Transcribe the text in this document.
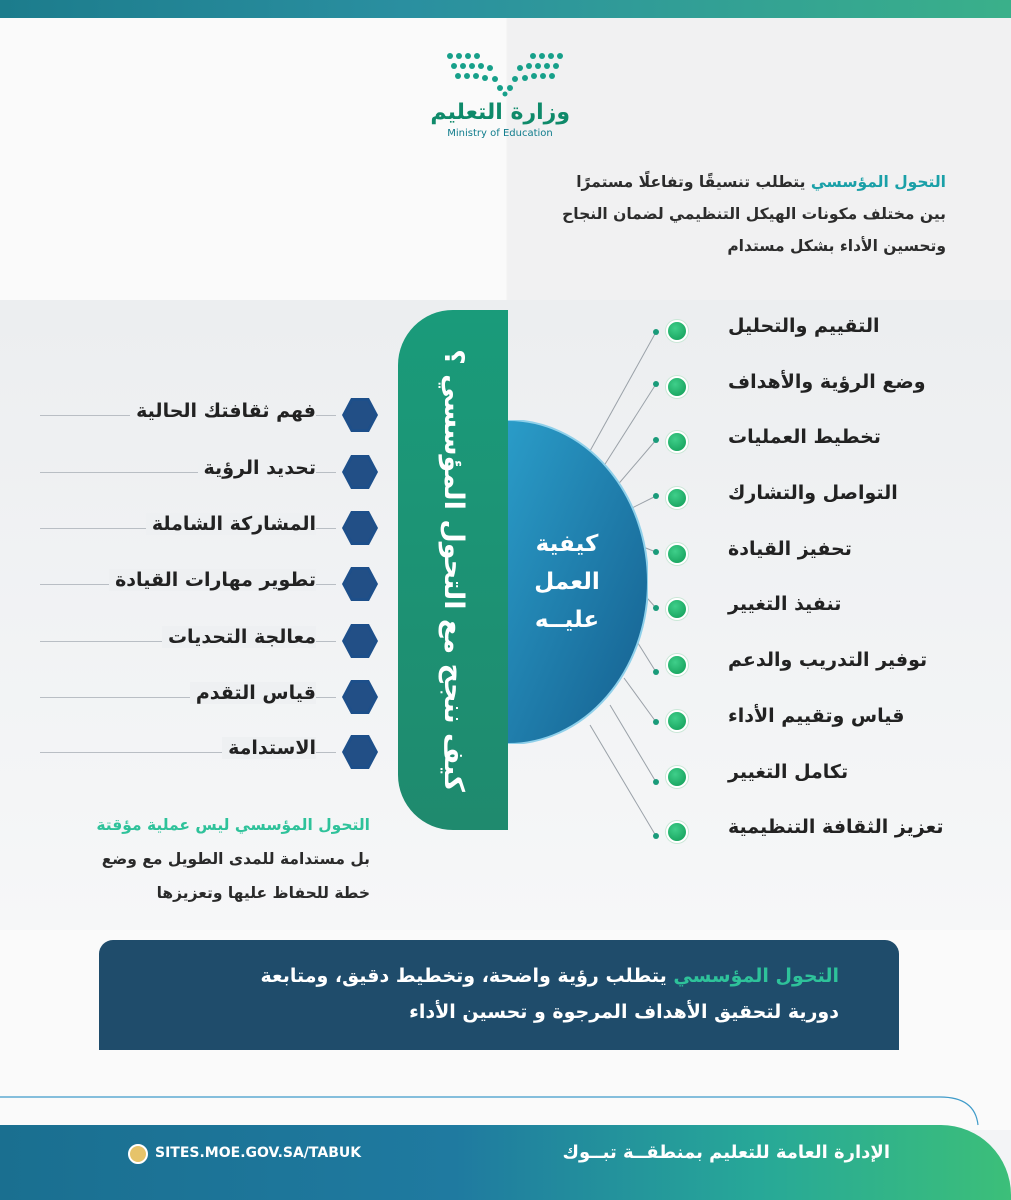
وزارة التعليم
Ministry of Education
التحول المؤسسي يتطلب تنسيقًا وتفاعلًا مستمرًا
بين مختلف مكونات الهيكل التنظيمي لضمان النجاح
وتحسين الأداء بشكل مستدام
كيف ننجح مع التحول المؤسسي ؟	كيفية
العمل
عليــه
التقييم والتحليل
وضع الرؤية والأهداف
تخطيط العمليات
التواصل والتشارك
تحفيز القيادة
تنفيذ التغيير
توفير التدريب والدعم
قياس وتقييم الأداء
تكامل التغيير
تعزيز الثقافة التنظيمية
فهم ثقافتك الحالية
تحديد الرؤية
المشاركة الشاملة
تطوير مهارات القيادة
معالجة التحديات
قياس التقدم
الاستدامة
التحول المؤسسي ليس عملية مؤقتة
بل مستدامة للمدى الطويل مع وضع
خطة للحفاظ عليها وتعزيزها
التحول المؤسسي يتطلب رؤية واضحة، وتخطيط دقيق، ومتابعة
دورية لتحقيق الأهداف المرجوة و تحسين الأداء
SITES.MOE.GOV.SA/TABUK	الإدارة العامة للتعليم بمنطقــة تبــوك
